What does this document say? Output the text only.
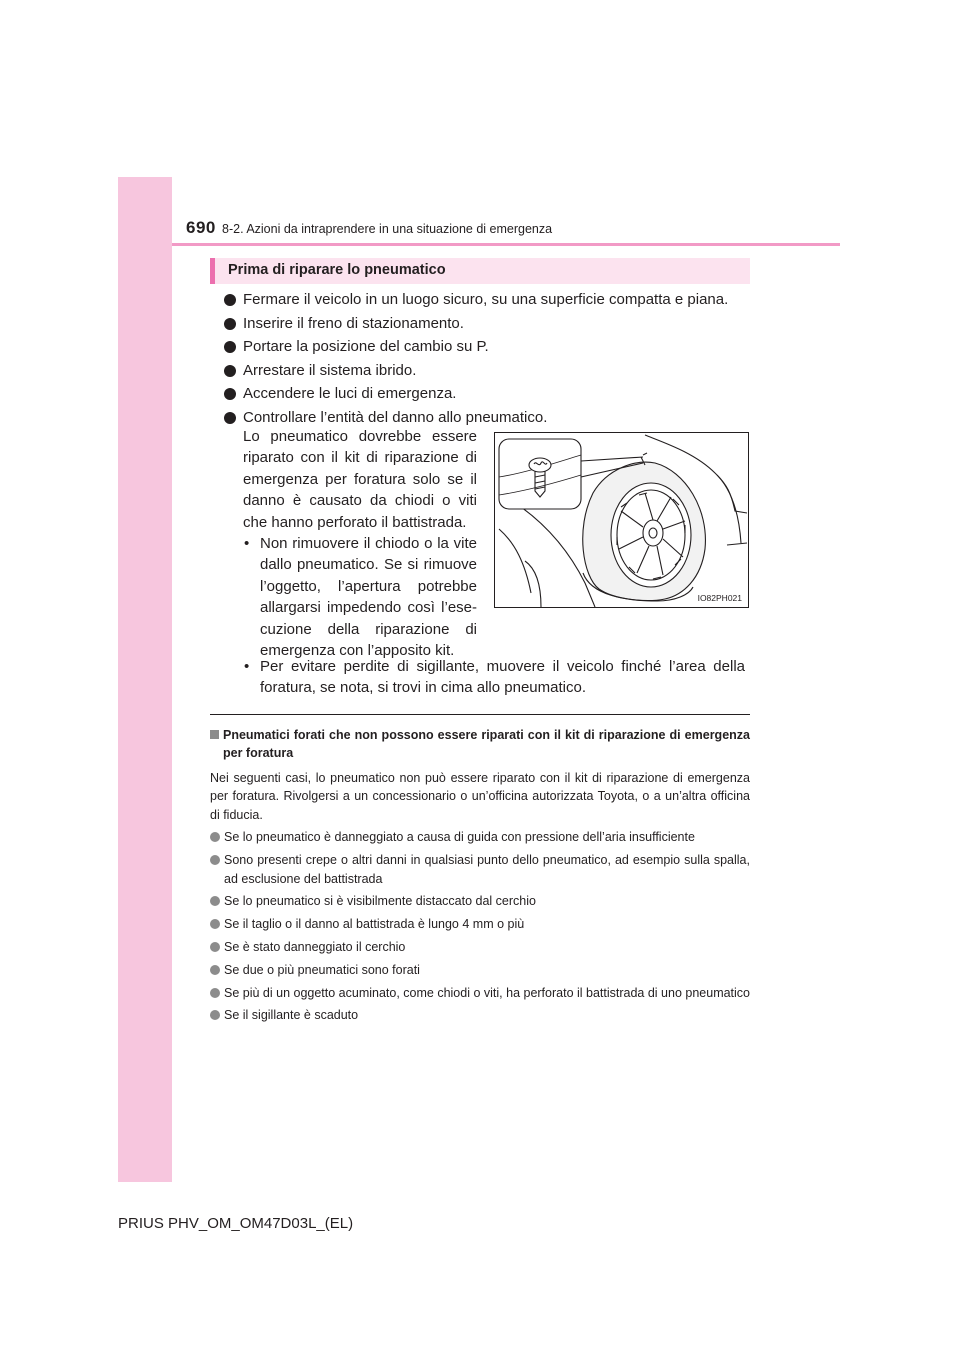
690 8-2. Azioni da intraprendere in una situazione di emergenza
Prima di riparare lo pneumatico
Fermare il veicolo in un luogo sicuro, su una superficie compatta e piana.
Inserire il freno di stazionamento.
Portare la posizione del cambio su P.
Arrestare il sistema ibrido.
Accendere le luci di emergenza.
Controllare l’entità del danno allo pneumatico.

Lo pneumatico dovrebbe essere riparato con il kit di riparazione di emergenza per foratura solo se il danno è causato da chiodi o viti che hanno perforato il battistrada.

• Non rimuovere il chiodo o la vite dallo pneumatico. Se si rimuove l’oggetto, l’apertura potrebbe allargarsi impedendo così l’ese-cuzione della riparazione di emergenza con l’apposito kit.

• Per evitare perdite di sigillante, muovere il veicolo finché l’area della foratura, se nota, si trovi in cima allo pneumatico.
IO82PH021
Pneumatici forati che non possono essere riparati con il kit di riparazione di emergenza per foratura
Nei seguenti casi, lo pneumatico non può essere riparato con il kit di riparazione di emergenza per foratura. Rivolgersi a un concessionario o un’officina autorizzata Toyota, o a un’altra officina di fiducia.
Se lo pneumatico è danneggiato a causa di guida con pressione dell’aria insufficiente
Sono presenti crepe o altri danni in qualsiasi punto dello pneumatico, ad esempio sulla spalla, ad esclusione del battistrada
Se lo pneumatico si è visibilmente distaccato dal cerchio
Se il taglio o il danno al battistrada è lungo 4 mm o più
Se è stato danneggiato il cerchio
Se due o più pneumatici sono forati
Se più di un oggetto acuminato, come chiodi o viti, ha perforato il battistrada di uno pneumatico
Se il sigillante è scaduto
PRIUS PHV_OM_OM47D03L_(EL)
